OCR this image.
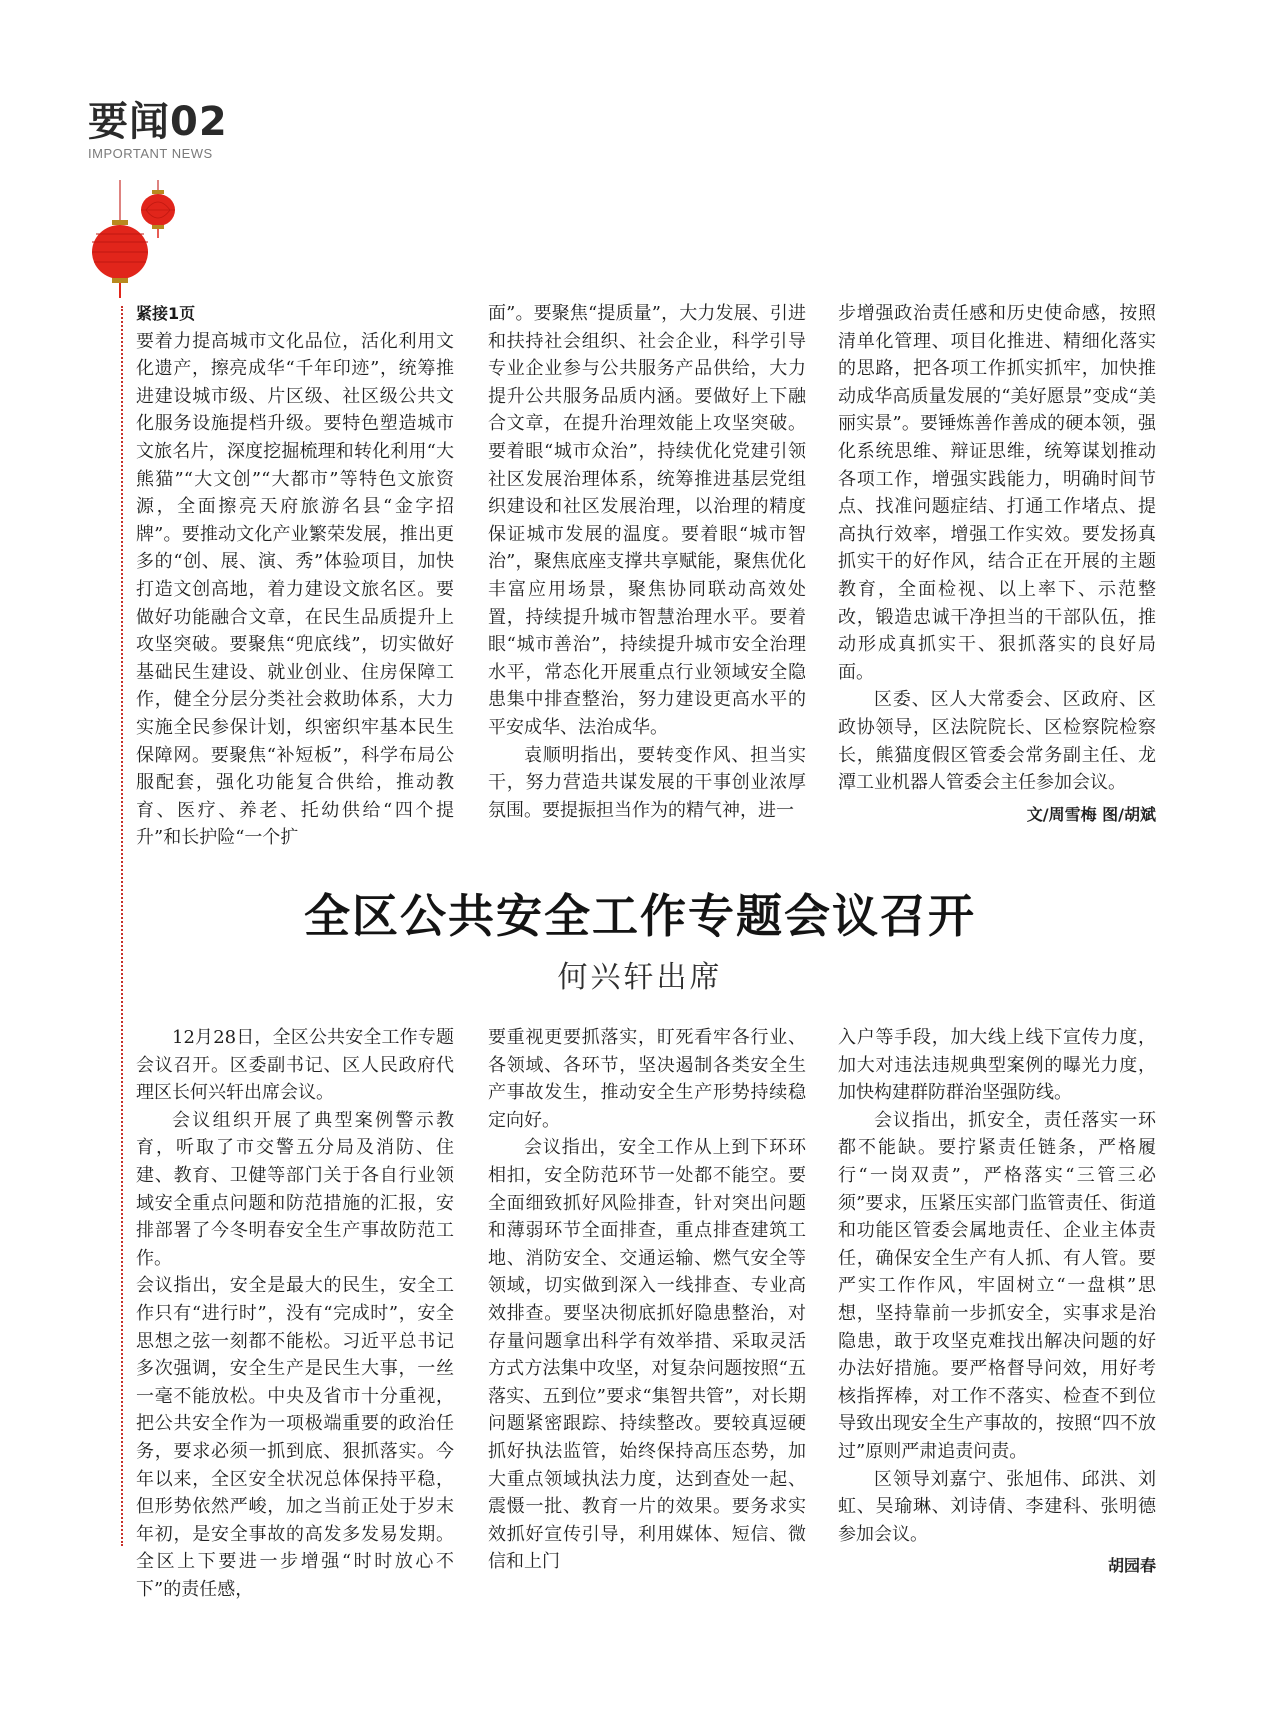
要闻02
IMPORTANT NEWS

紧接1页

要着力提高城市文化品位，活化利用文化遗产，擦亮成华“千年印迹”，统筹推进建设城市级、片区级、社区级公共文化服务设施提档升级。要特色塑造城市文旅名片，深度挖掘梳理和转化利用“大熊猫”“大文创”“大都市”等特色文旅资源，全面擦亮天府旅游名县“金字招牌”。要推动文化产业繁荣发展，推出更多的“创、展、演、秀”体验项目，加快打造文创高地，着力建设文旅名区。要做好功能融合文章，在民生品质提升上攻坚突破。要聚焦“兜底线”，切实做好基础民生建设、就业创业、住房保障工作，健全分层分类社会救助体系，大力实施全民参保计划，织密织牢基本民生保障网。要聚焦“补短板”，科学布局公服配套，强化功能复合供给，推动教育、医疗、养老、托幼供给“四个提升”和长护险“一个扩

面”。要聚焦“提质量”，大力发展、引进和扶持社会组织、社会企业，科学引导专业企业参与公共服务产品供给，大力提升公共服务品质内涵。要做好上下融合文章，在提升治理效能上攻坚突破。要着眼“城市众治”，持续优化党建引领社区发展治理体系，统筹推进基层党组织建设和社区发展治理，以治理的精度保证城市发展的温度。要着眼“城市智治”，聚焦底座支撑共享赋能，聚焦优化丰富应用场景，聚焦协同联动高效处置，持续提升城市智慧治理水平。要着眼“城市善治”，持续提升城市安全治理水平，常态化开展重点行业领域安全隐患集中排查整治，努力建设更高水平的平安成华、法治成华。

袁顺明指出，要转变作风、担当实干，努力营造共谋发展的干事创业浓厚氛围。要提振担当作为的精气神，进一

步增强政治责任感和历史使命感，按照清单化管理、项目化推进、精细化落实的思路，把各项工作抓实抓牢，加快推动成华高质量发展的“美好愿景”变成“美丽实景”。要锤炼善作善成的硬本领，强化系统思维、辩证思维，统筹谋划推动各项工作，增强实践能力，明确时间节点、找准问题症结、打通工作堵点、提高执行效率，增强工作实效。要发扬真抓实干的好作风，结合正在开展的主题教育，全面检视、以上率下、示范整改，锻造忠诚干净担当的干部队伍，推动形成真抓实干、狠抓落实的良好局面。

区委、区人大常委会、区政府、区政协领导，区法院院长、区检察院检察长，熊猫度假区管委会常务副主任、龙潭工业机器人管委会主任参加会议。

文/周雪梅 图/胡斌

全区公共安全工作专题会议召开
何兴轩出席

12月28日，全区公共安全工作专题会议召开。区委副书记、区人民政府代理区长何兴轩出席会议。

会议组织开展了典型案例警示教育，听取了市交警五分局及消防、住建、教育、卫健等部门关于各自行业领域安全重点问题和防范措施的汇报，安排部署了今冬明春安全生产事故防范工作。

会议指出，安全是最大的民生，安全工作只有“进行时”，没有“完成时”，安全思想之弦一刻都不能松。习近平总书记多次强调，安全生产是民生大事，一丝一毫不能放松。中央及省市十分重视，把公共安全作为一项极端重要的政治任务，要求必须一抓到底、狠抓落实。今年以来，全区安全状况总体保持平稳，但形势依然严峻，加之当前正处于岁末年初，是安全事故的高发多发易发期。全区上下要进一步增强“时时放心不下”的责任感，

要重视更要抓落实，盯死看牢各行业、各领域、各环节，坚决遏制各类安全生产事故发生，推动安全生产形势持续稳定向好。

会议指出，安全工作从上到下环环相扣，安全防范环节一处都不能空。要全面细致抓好风险排查，针对突出问题和薄弱环节全面排查，重点排查建筑工地、消防安全、交通运输、燃气安全等领域，切实做到深入一线排查、专业高效排查。要坚决彻底抓好隐患整治，对存量问题拿出科学有效举措、采取灵活方式方法集中攻坚，对复杂问题按照“五落实、五到位”要求“集智共管”，对长期问题紧密跟踪、持续整改。要较真逗硬抓好执法监管，始终保持高压态势，加大重点领域执法力度，达到查处一起、震慑一批、教育一片的效果。要务求实效抓好宣传引导，利用媒体、短信、微信和上门

入户等手段，加大线上线下宣传力度，加大对违法违规典型案例的曝光力度，加快构建群防群治坚强防线。

会议指出，抓安全，责任落实一环都不能缺。要拧紧责任链条，严格履行“一岗双责”，严格落实“三管三必须”要求，压紧压实部门监管责任、街道和功能区管委会属地责任、企业主体责任，确保安全生产有人抓、有人管。要严实工作作风，牢固树立“一盘棋”思想，坚持靠前一步抓安全，实事求是治隐患，敢于攻坚克难找出解决问题的好办法好措施。要严格督导问效，用好考核指挥棒，对工作不落实、检查不到位导致出现安全生产事故的，按照“四不放过”原则严肃追责问责。

区领导刘嘉宁、张旭伟、邱洪、刘虹、吴瑜琳、刘诗倩、李建科、张明德参加会议。

胡园春
